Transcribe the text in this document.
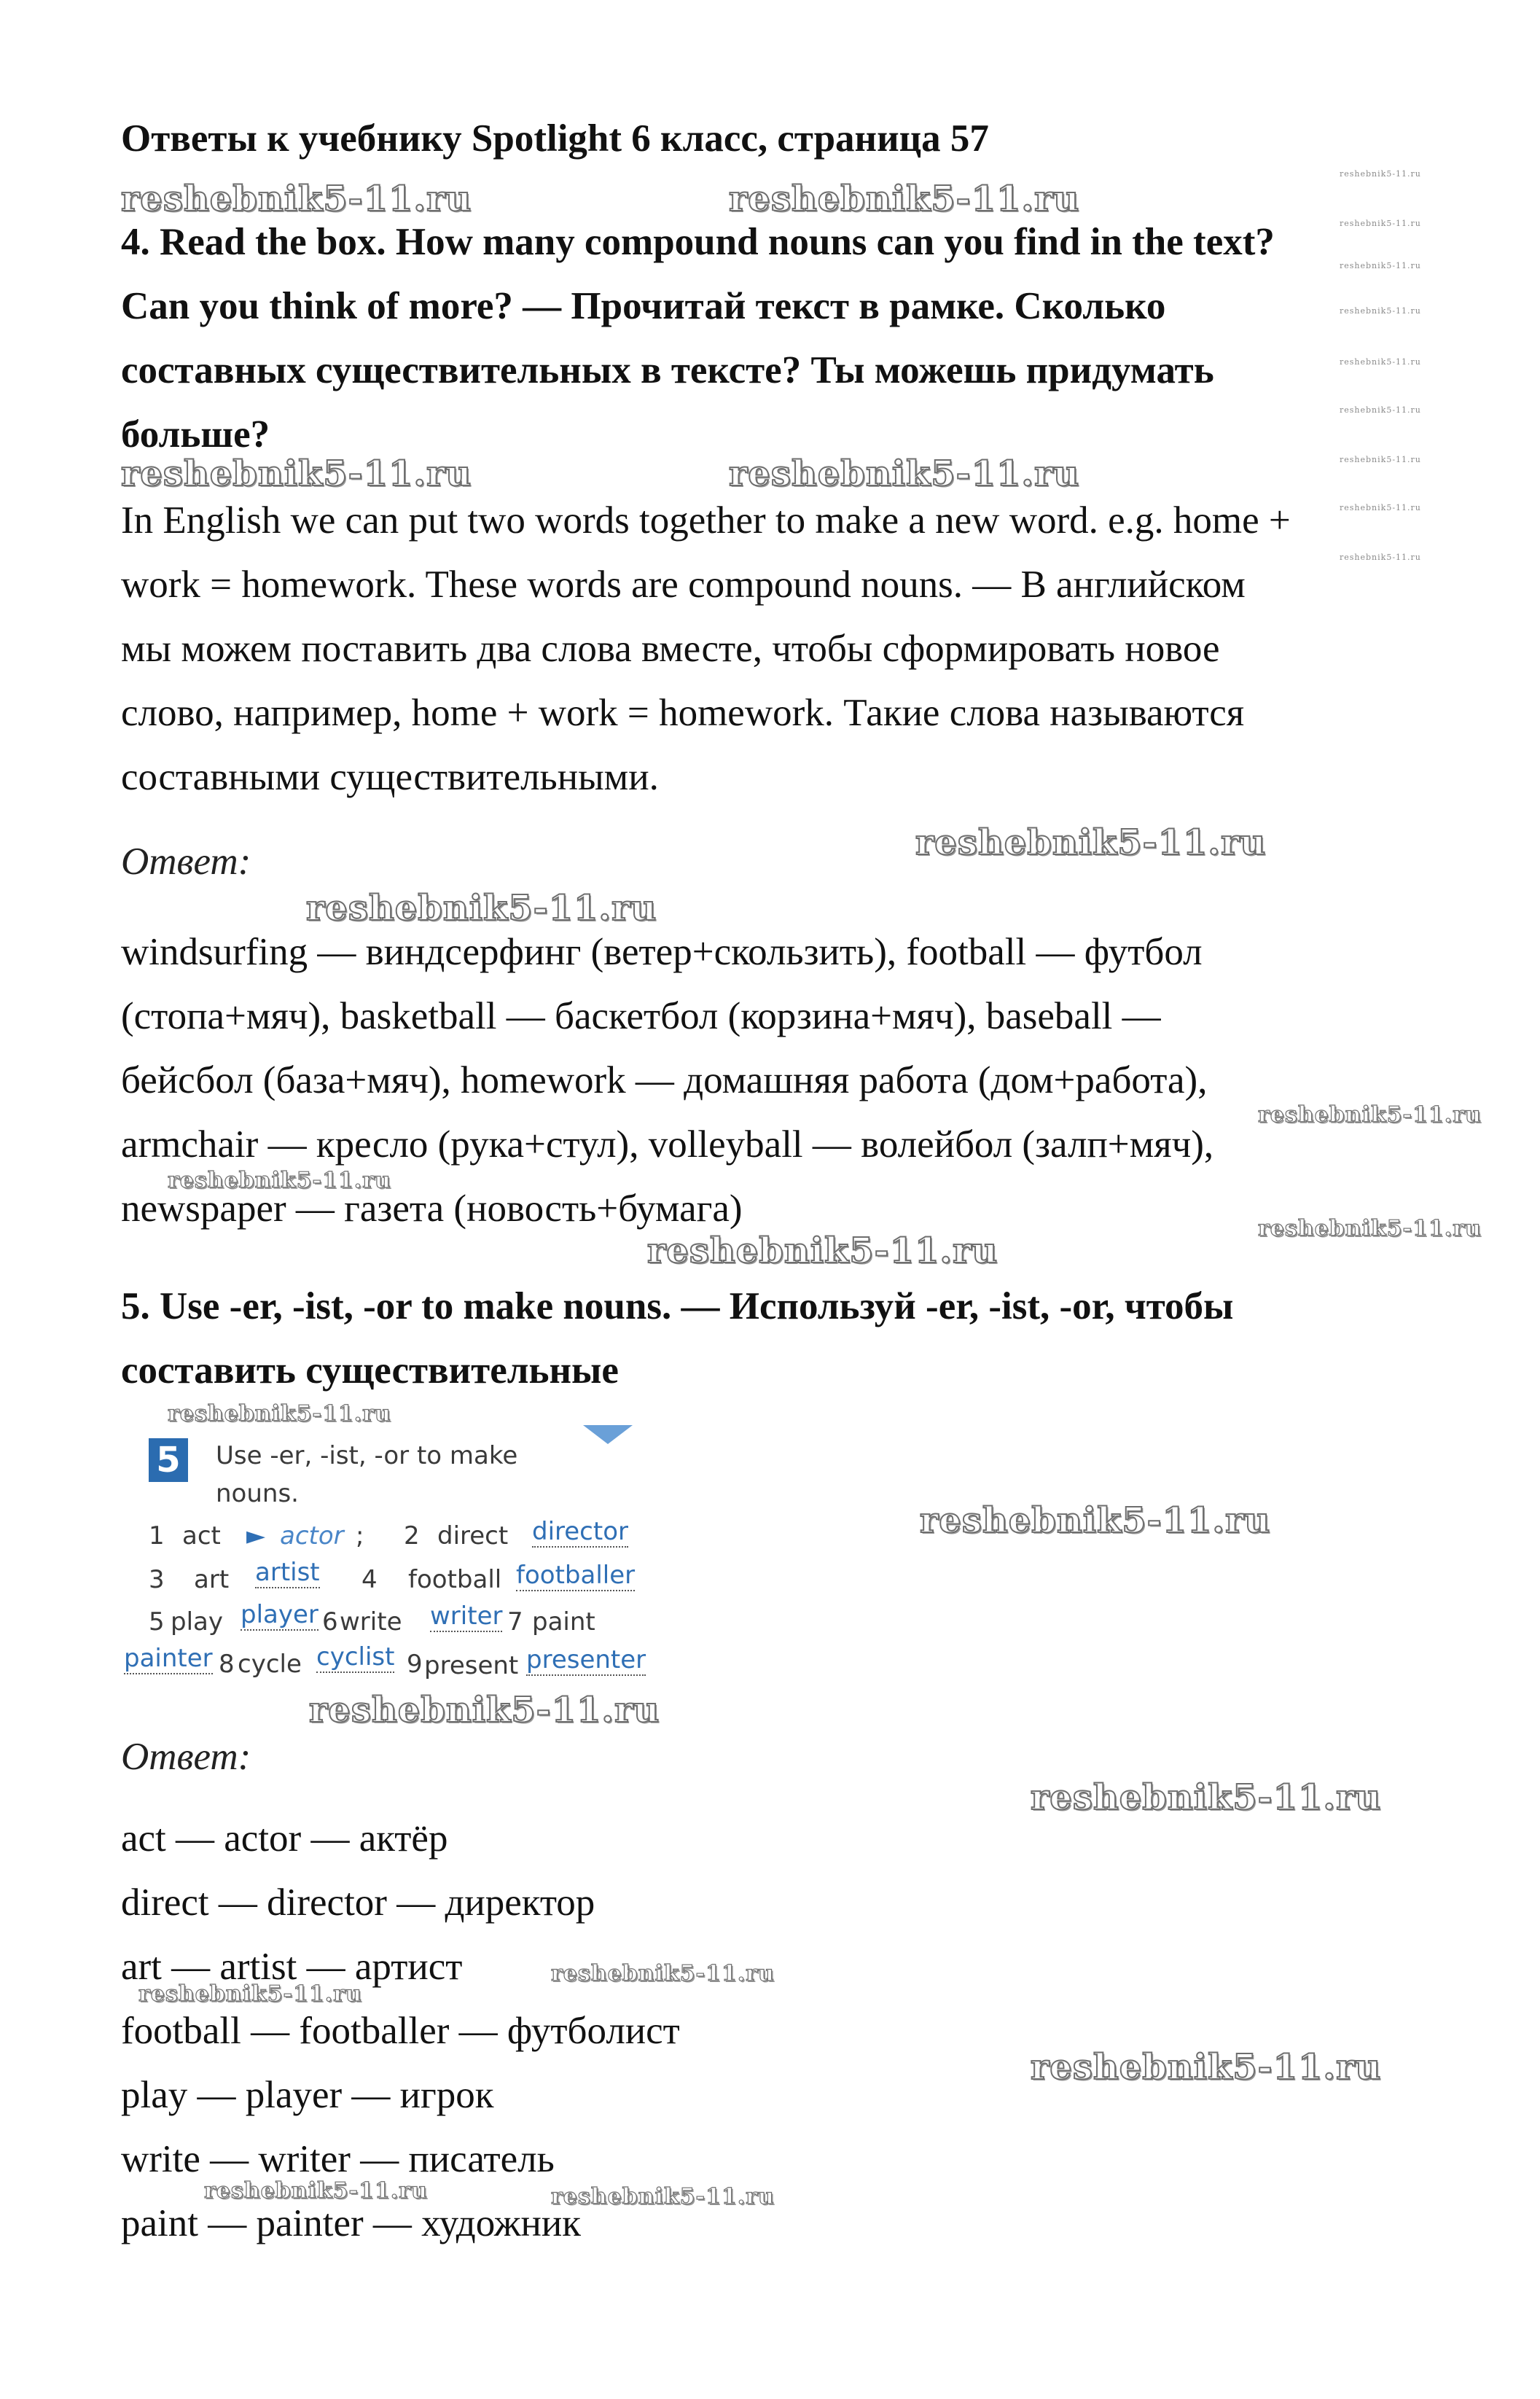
Ответы к учебнику Spotlight 6 класс, страница 57
reshebnik5-11.ru	reshebnik5-11.ru
reshebnik5-11.ru	reshebnik5-11.ru
reshebnik5-11.ru
reshebnik5-11.ru
reshebnik5-11.ru
reshebnik5-11.ru
reshebnik5-11.ru
reshebnik5-11.ru
reshebnik5-11.ru
reshebnik5-11.ru
reshebnik5-11.ru
reshebnik5-11.ru
reshebnik5-11.ru
reshebnik5-11.ru
reshebnik5-11.ru
reshebnik5-11.ru	reshebnik5-11.ru
reshebnik5-11.ru
reshebnik5-11.ru
reshebnik5-11.ru
reshebnik5-11.ru
reshebnik5-11.ru
reshebnik5-11.ru
reshebnik5-11.ru
reshebnik5-11.ru
reshebnik5-11.ru
4. Read the box. How many compound nouns can you find in the text?
Can you think of more? — Прочитай текст в рамке. Сколько
составных существительных в тексте? Ты можешь придумать
больше?
In English we can put two words together to make a new word. e.g. home +
work = homework. These words are compound nouns. — В английском
мы можем поставить два слова вместе, чтобы сформировать новое
слово, например, home + work = homework. Такие слова называются
составными существительными.
Ответ:
windsurfing — виндсерфинг (ветер+скользить), football — футбол
(стопа+мяч), basketball — баскетбол (корзина+мяч), baseball —
бейсбол (база+мяч), homework — домашняя работа (дом+работа),
armchair — кресло (рука+стул), volleyball — волейбол (залп+мяч),
newspaper — газета (новость+бумага)
5. Use -er, -ist, -or to make nouns. — Используй -er, -ist, -or, чтобы
составить существительные
5	Use -er, -ist, -or to make
nouns.
1 act ► actor ; 2 direct director
3 art artist 4 football footballer
5 play player 6 write writer 7 paint
painter 8 cycle cyclist 9 present presenter
Ответ:
act — actor — актёр
direct — director — директор
art — artist — артист
football — footballer — футболист
play — player — игрок
write — writer — писатель
paint — painter — художник
